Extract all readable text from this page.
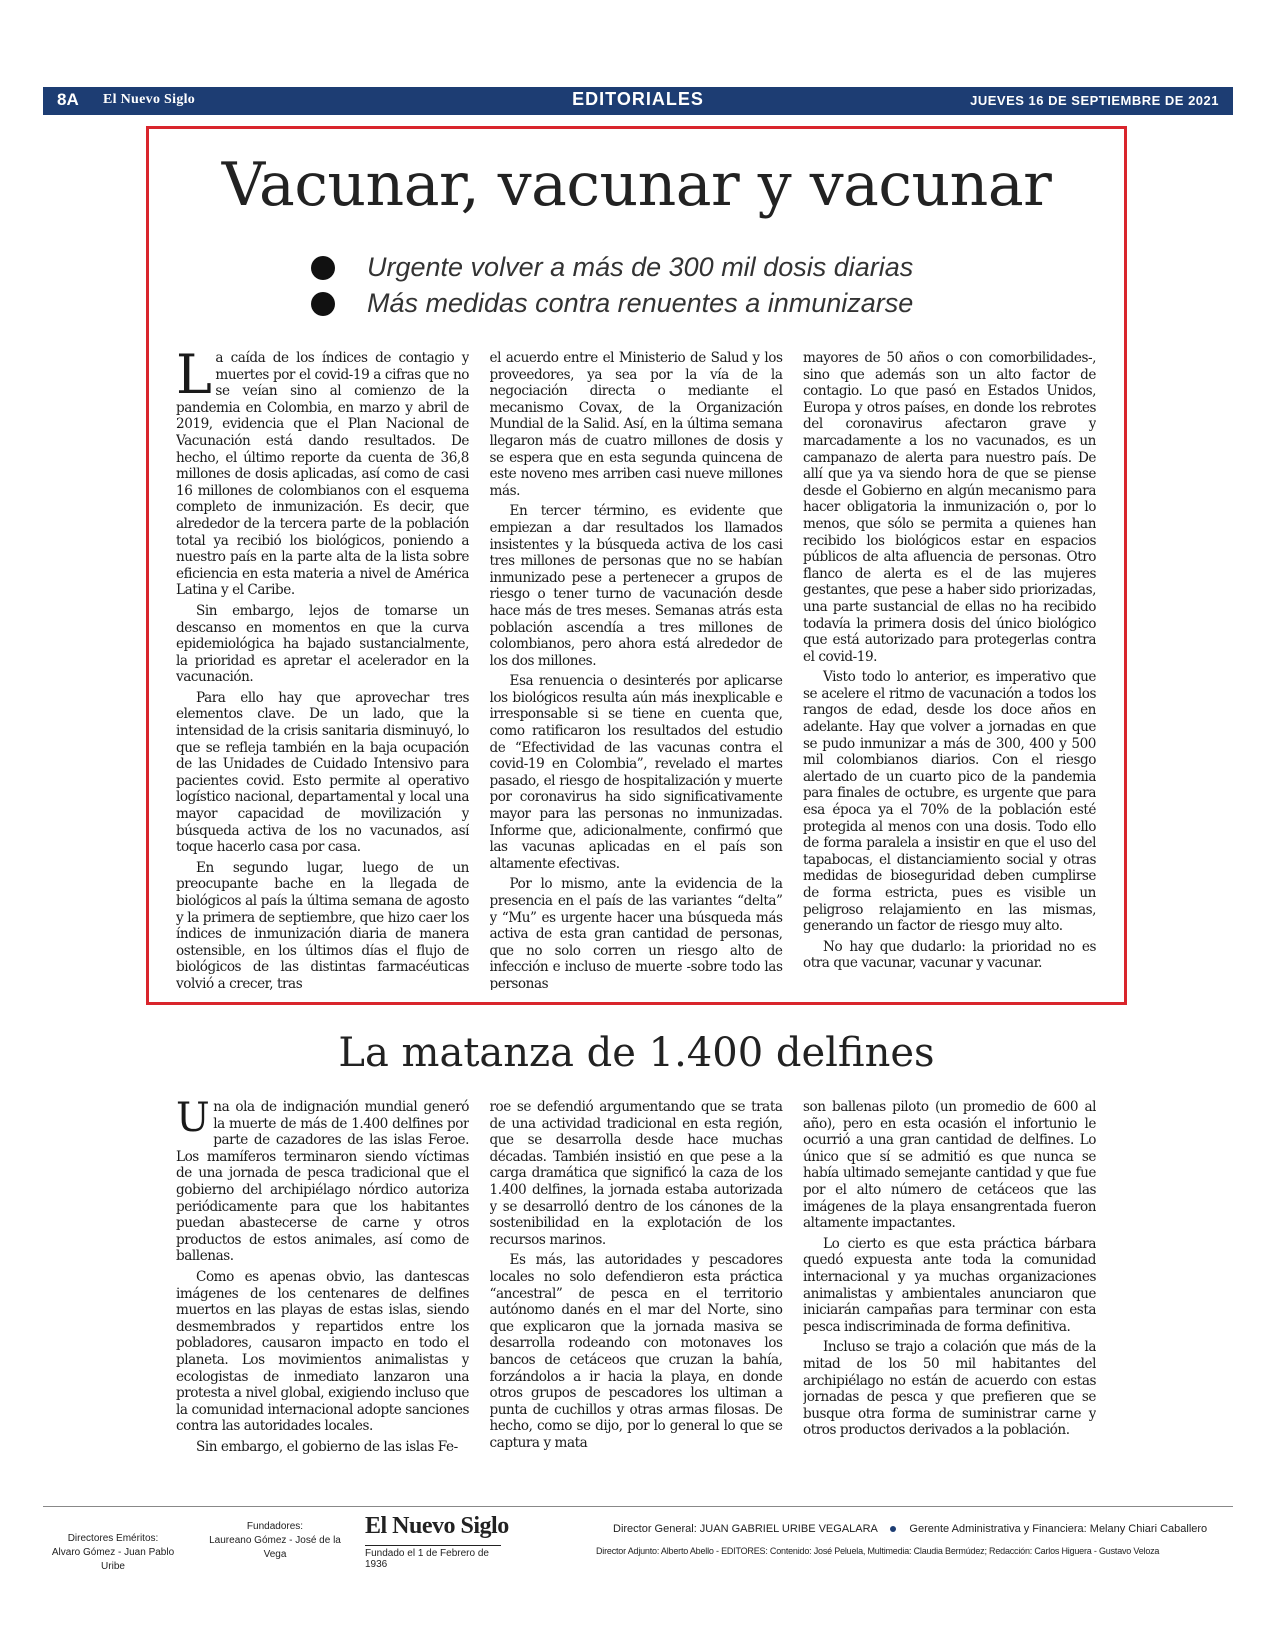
8A El Nuevo Siglo	EDITORIALES	JUEVES 16 DE SEPTIEMBRE DE 2021
Vacunar, vacunar y vacunar
Urgente volver a más de 300 mil dosis diarias
Más medidas contra renuentes a inmunizarse

La caída de los índices de contagio y muertes por el covid-19 a cifras que no se veían sino al comienzo de la pandemia en Colombia, en marzo y abril de 2019, evidencia que el Plan Nacional de Vacunación está dando resultados. De hecho, el último reporte da cuenta de 36,8 millones de dosis aplicadas, así como de casi 16 millones de colombianos con el esquema completo de inmunización. Es decir, que alrededor de la tercera parte de la población total ya recibió los biológicos, poniendo a nuestro país en la parte alta de la lista sobre eficiencia en esta materia a nivel de América Latina y el Caribe.

Sin embargo, lejos de tomarse un descanso en momentos en que la curva epidemiológica ha bajado sustancialmente, la prioridad es apretar el acelerador en la vacunación.

Para ello hay que aprovechar tres elementos clave. De un lado, que la intensidad de la crisis sanitaria disminuyó, lo que se refleja también en la baja ocupación de las Unidades de Cuidado Intensivo para pacientes covid. Esto permite al operativo logístico nacional, departamental y local una mayor capacidad de movilización y búsqueda activa de los no vacunados, así toque hacerlo casa por casa.

En segundo lugar, luego de un preocupante bache en la llegada de biológicos al país la última semana de agosto y la primera de septiembre, que hizo caer los índices de inmunización diaria de manera ostensible, en los últimos días el flujo de biológicos de las distintas farmacéuticas volvió a crecer, tras

el acuerdo entre el Ministerio de Salud y los proveedores, ya sea por la vía de la negociación directa o mediante el mecanismo Covax, de la Organización Mundial de la Salid. Así, en la última semana llegaron más de cuatro millones de dosis y se espera que en esta segunda quincena de este noveno mes arriben casi nueve millones más.

En tercer término, es evidente que empiezan a dar resultados los llamados insistentes y la búsqueda activa de los casi tres millones de personas que no se habían inmunizado pese a pertenecer a grupos de riesgo o tener turno de vacunación desde hace más de tres meses. Semanas atrás esta población ascendía a tres millones de colombianos, pero ahora está alrededor de los dos millones.

Esa renuencia o desinterés por aplicarse los biológicos resulta aún más inexplicable e irresponsable si se tiene en cuenta que, como ratificaron los resultados del estudio de “Efectividad de las vacunas contra el covid-19 en Colombia”, revelado el martes pasado, el riesgo de hospitalización y muerte por coronavirus ha sido significativamente mayor para las personas no inmunizadas. Informe que, adicionalmente, confirmó que las vacunas aplicadas en el país son altamente efectivas.

Por lo mismo, ante la evidencia de la presencia en el país de las variantes “delta” y “Mu” es urgente hacer una búsqueda más activa de esta gran cantidad de personas, que no solo corren un riesgo alto de infección e incluso de muerte -sobre todo las personas

mayores de 50 años o con comorbilidades-, sino que además son un alto factor de contagio. Lo que pasó en Estados Unidos, Europa y otros países, en donde los rebrotes del coronavirus afectaron grave y marcadamente a los no vacunados, es un campanazo de alerta para nuestro país. De allí que ya va siendo hora de que se piense desde el Gobierno en algún mecanismo para hacer obligatoria la inmunización o, por lo menos, que sólo se permita a quienes han recibido los biológicos estar en espacios públicos de alta afluencia de personas. Otro flanco de alerta es el de las mujeres gestantes, que pese a haber sido priorizadas, una parte sustancial de ellas no ha recibido todavía la primera dosis del único biológico que está autorizado para protegerlas contra el covid-19.

Visto todo lo anterior, es imperativo que se acelere el ritmo de vacunación a todos los rangos de edad, desde los doce años en adelante. Hay que volver a jornadas en que se pudo inmunizar a más de 300, 400 y 500 mil colombianos diarios. Con el riesgo alertado de un cuarto pico de la pandemia para finales de octubre, es urgente que para esa época ya el 70% de la población esté protegida al menos con una dosis. Todo ello de forma paralela a insistir en que el uso del tapabocas, el distanciamiento social y otras medidas de bioseguridad deben cumplirse de forma estricta, pues es visible un peligroso relajamiento en las mismas, generando un factor de riesgo muy alto.

No hay que dudarlo: la prioridad no es otra que vacunar, vacunar y vacunar.

La matanza de 1.400 delfines

Una ola de indignación mundial generó la muerte de más de 1.400 delfines por parte de cazadores de las islas Feroe. Los mamíferos terminaron siendo víctimas de una jornada de pesca tradicional que el gobierno del archipiélago nórdico autoriza periódicamente para que los habitantes puedan abastecerse de carne y otros productos de estos animales, así como de ballenas.

Como es apenas obvio, las dantescas imágenes de los centenares de delfines muertos en las playas de estas islas, siendo desmembrados y repartidos entre los pobladores, causaron impacto en todo el planeta. Los movimientos animalistas y ecologistas de inmediato lanzaron una protesta a nivel global, exigiendo incluso que la comunidad internacional adopte sanciones contra las autoridades locales.

Sin embargo, el gobierno de las islas Fe-

roe se defendió argumentando que se trata de una actividad tradicional en esta región, que se desarrolla desde hace muchas décadas. También insistió en que pese a la carga dramática que significó la caza de los 1.400 delfines, la jornada estaba autorizada y se desarrolló dentro de los cánones de la sostenibilidad en la explotación de los recursos marinos.

Es más, las autoridades y pescadores locales no solo defendieron esta práctica “ancestral” de pesca en el territorio autónomo danés en el mar del Norte, sino que explicaron que la jornada masiva se desarrolla rodeando con motonaves los bancos de cetáceos que cruzan la bahía, forzándolos a ir hacia la playa, en donde otros grupos de pescadores los ultiman a punta de cuchillos y otras armas filosas. De hecho, como se dijo, por lo general lo que se captura y mata

son ballenas piloto (un promedio de 600 al año), pero en esta ocasión el infortunio le ocurrió a una gran cantidad de delfines. Lo único que sí se admitió es que nunca se había ultimado semejante cantidad y que fue por el alto número de cetáceos que las imágenes de la playa ensangrentada fueron altamente impactantes.

Lo cierto es que esta práctica bárbara quedó expuesta ante toda la comunidad internacional y ya muchas organizaciones animalistas y ambientales anunciaron que iniciarán campañas para terminar con esta pesca indiscriminada de forma definitiva.

Incluso se trajo a colación que más de la mitad de los 50 mil habitantes del archipiélago no están de acuerdo con estas jornadas de pesca y que prefieren que se busque otra forma de suministrar carne y otros productos derivados a la población.

Directores Eméritos:
Alvaro Gómez - Juan Pablo Uribe
Fundadores:
Laureano Gómez - José de la Vega
El Nuevo Siglo
Fundado el 1 de Febrero de 1936
Director General: JUAN GABRIEL URIBE VEGALARA	Gerente Administrativa y Financiera: Melany Chiari Caballero
Director Adjunto: Alberto Abello - EDITORES: Contenido: José Peluela, Multimedia: Claudia Bermúdez; Redacción: Carlos Higuera - Gustavo Veloza
